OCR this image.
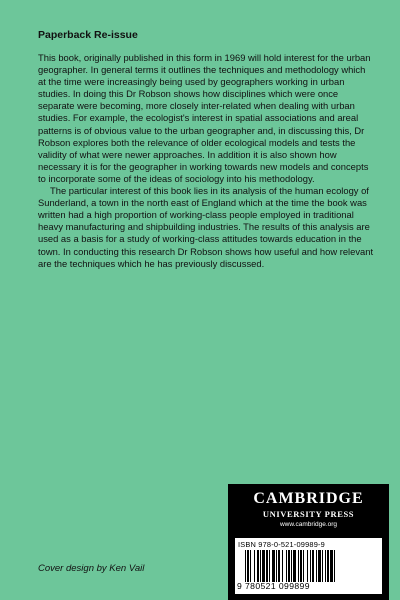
Paperback Re-issue

This book, originally published in this form in 1969 will hold interest for the urban geographer. In general terms it outlines the techniques and methodology which at the time were increasingly being used by geographers working in urban studies. In doing this Dr Robson shows how disciplines which were once separate were becoming, more closely inter-related when dealing with urban studies. For example, the ecologist's interest in spatial associations and areal patterns is of obvious value to the urban geographer and, in discussing this, Dr Robson explores both the relevance of older ecological models and tests the validity of what were newer approaches. In addition it is also shown how necessary it is for the geographer in working towards new models and concepts to incorporate some of the ideas of sociology into his methodology.

The particular interest of this book lies in its analysis of the human ecology of Sunderland, a town in the north east of England which at the time the book was written had a high proportion of working-class people employed in traditional heavy manufacturing and shipbuilding industries. The results of this analysis are used as a basis for a study of working-class attitudes towards education in the town. In conducting this research Dr Robson shows how useful and how relevant are the techniques which he has previously discussed.

CAMBRIDGE
UNIVERSITY PRESS
www.cambridge.org
ISBN 978-0-521-09989-9
9 780521 099899
Cover design by Ken Vail
